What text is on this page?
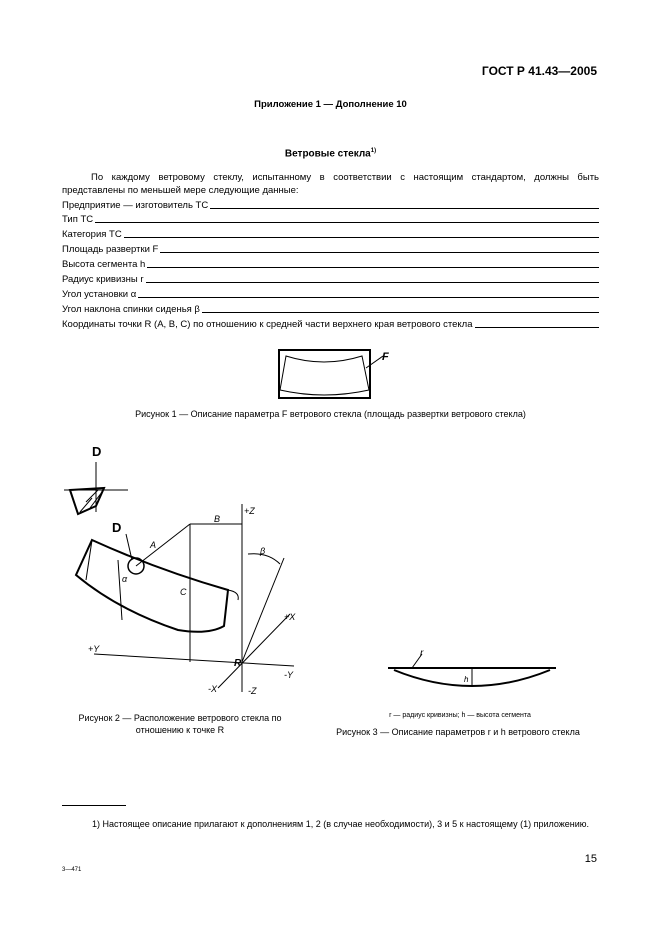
ГОСТ Р 41.43—2005
Приложение 1 — Дополнение 10
Ветровые стекла$^{1)}$
По каждому ветровому стеклу, испытанному в соответствии с настоящим стандартом, должны быть представлены по меньшей мере следующие данные:
Предприятие — изготовитель ТС
Тип ТС
Категория ТС
Площадь развертки F
Высота сегмента h
Радиус кривизны r
Угол установки α
Угол наклона спинки сиденья β
Координаты точки R (A, B, C) по отношению к средней части верхнего края ветрового стекла
F
Рисунок 1 — Описание параметра F ветрового стекла (площадь развертки ветрового стекла)
D
D
A
C
B
α
+Z
-Z
+Y
-Y
+X
-X
β
R
Рисунок 2 — Расположение ветрового стекла по
отношению к точке R
h
r
r — радиус кривизны; h — высота сегмента
Рисунок 3 — Описание параметров r и h ветрового стекла
1) Настоящее описание прилагают к дополнениям 1, 2 (в случае необходимости), 3 и 5 к настоящему (1) приложению.
15
3—471
